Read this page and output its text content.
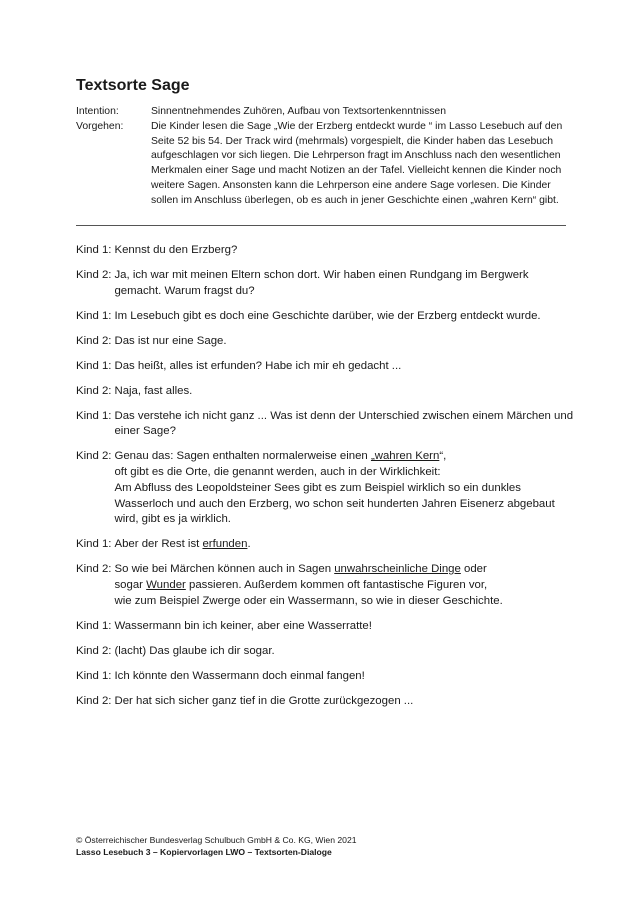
Textsorte Sage
Intention:	Sinnentnehmendes Zuhören, Aufbau von Textsortenkenntnissen
Vorgehen:	Die Kinder lesen die Sage „Wie der Erzberg entdeckt wurde “ im Lasso Lesebuch auf den Seite 52 bis 54. Der Track wird (mehrmals) vorgespielt, die Kinder haben das Lesebuch aufgeschlagen vor sich liegen. Die Lehrperson fragt im Anschluss nach den wesentlichen Merkmalen einer Sage und macht Notizen an der Tafel. Vielleicht kennen die Kinder noch weitere Sagen. Ansonsten kann die Lehrperson eine andere Sage vorlesen. Die Kinder sollen im Anschluss überlegen, ob es auch in jener Geschichte einen „wahren Kern“ gibt.
Kind 1: Kennst du den Erzberg?
Kind 2: Ja, ich war mit meinen Eltern schon dort. Wir haben einen Rundgang im Bergwerk gemacht. Warum fragst du?
Kind 1: Im Lesebuch gibt es doch eine Geschichte darüber, wie der Erzberg entdeckt wurde.
Kind 2: Das ist nur eine Sage.
Kind 1: Das heißt, alles ist erfunden? Habe ich mir eh gedacht ...
Kind 2: Naja, fast alles.
Kind 1: Das verstehe ich nicht ganz ... Was ist denn der Unterschied zwischen einem Märchen und einer Sage?
Kind 2: Genau das: Sagen enthalten normalerweise einen „wahren Kern“,
oft gibt es die Orte, die genannt werden, auch in der Wirklichkeit:
Am Abfluss des Leopoldsteiner Sees gibt es zum Beispiel wirklich so ein dunkles Wasserloch und auch den Erzberg, wo schon seit hunderten Jahren Eisenerz abgebaut wird, gibt es ja wirklich.
Kind 1: Aber der Rest ist erfunden.
Kind 2: So wie bei Märchen können auch in Sagen unwahrscheinliche Dinge oder
sogar Wunder passieren. Außerdem kommen oft fantastische Figuren vor,
wie zum Beispiel Zwerge oder ein Wassermann, so wie in dieser Geschichte.
Kind 1: Wassermann bin ich keiner, aber eine Wasserratte!
Kind 2: (lacht) Das glaube ich dir sogar.
Kind 1: Ich könnte den Wassermann doch einmal fangen!
Kind 2: Der hat sich sicher ganz tief in die Grotte zurückgezogen ...
© Österreichischer Bundesverlag Schulbuch GmbH & Co. KG, Wien 2021
Lasso Lesebuch 3 – Kopiervorlagen LWO – Textsorten-Dialoge
